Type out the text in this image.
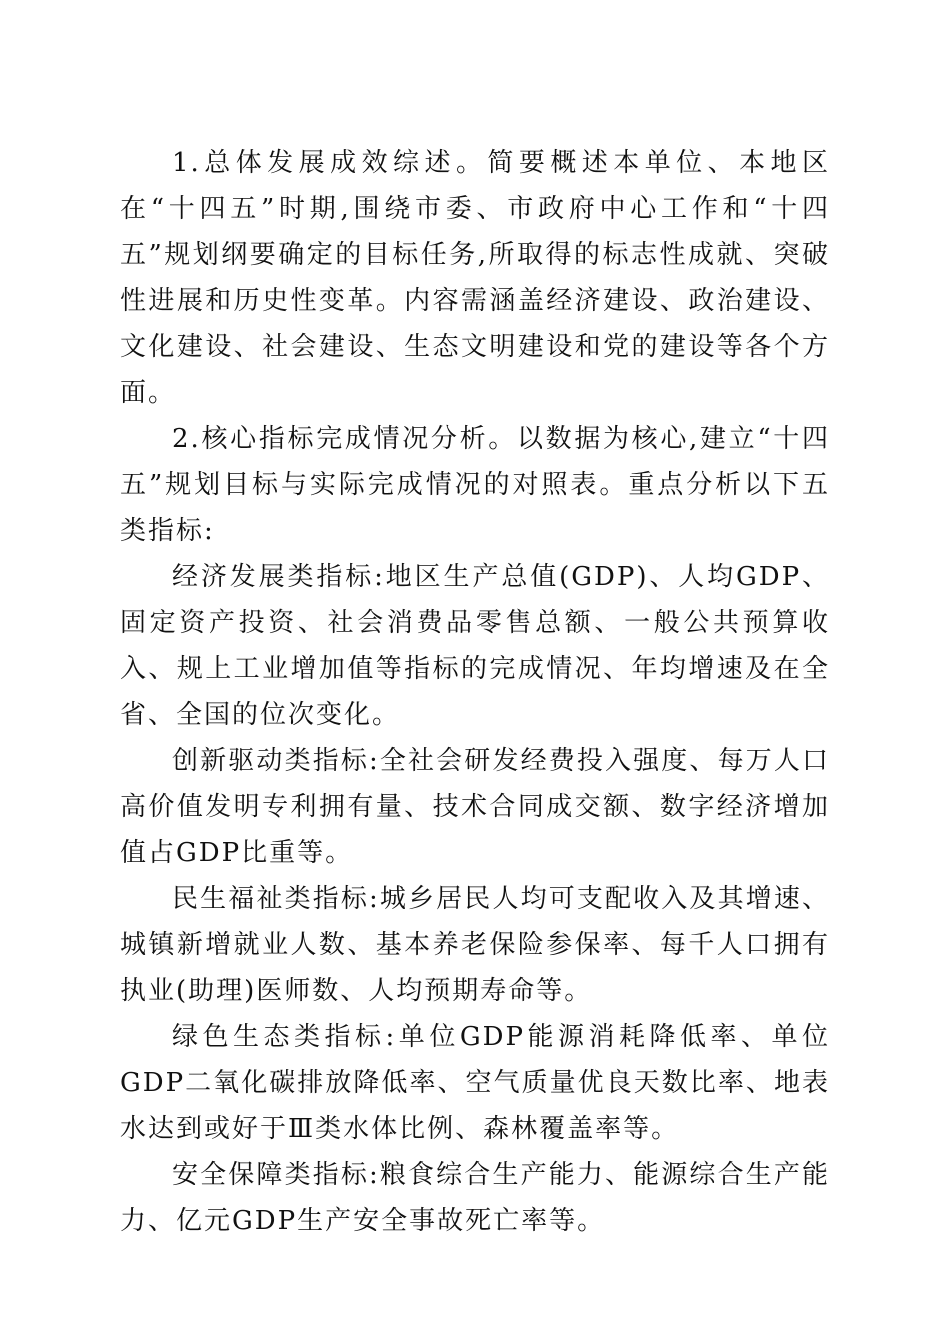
1.总体发展成效综述。简要概述本单位、本地区在“十四五”时期,围绕市委、市政府中心工作和“十四五”规划纲要确定的目标任务,所取得的标志性成就、突破性进展和历史性变革。内容需涵盖经济建设、政治建设、文化建设、社会建设、生态文明建设和党的建设等各个方面。

2.核心指标完成情况分析。以数据为核心,建立“十四五”规划目标与实际完成情况的对照表。重点分析以下五类指标:

经济发展类指标:地区生产总值(GDP)、人均GDP、固定资产投资、社会消费品零售总额、一般公共预算收入、规上工业增加值等指标的完成情况、年均增速及在全省、全国的位次变化。

创新驱动类指标:全社会研发经费投入强度、每万人口高价值发明专利拥有量、技术合同成交额、数字经济增加值占GDP比重等。

民生福祉类指标:城乡居民人均可支配收入及其增速、城镇新增就业人数、基本养老保险参保率、每千人口拥有执业(助理)医师数、人均预期寿命等。

绿色生态类指标:单位GDP能源消耗降低率、单位GDP二氧化碳排放降低率、空气质量优良天数比率、地表水达到或好于Ⅲ类水体比例、森林覆盖率等。

安全保障类指标:粮食综合生产能力、能源综合生产能力、亿元GDP生产安全事故死亡率等。
